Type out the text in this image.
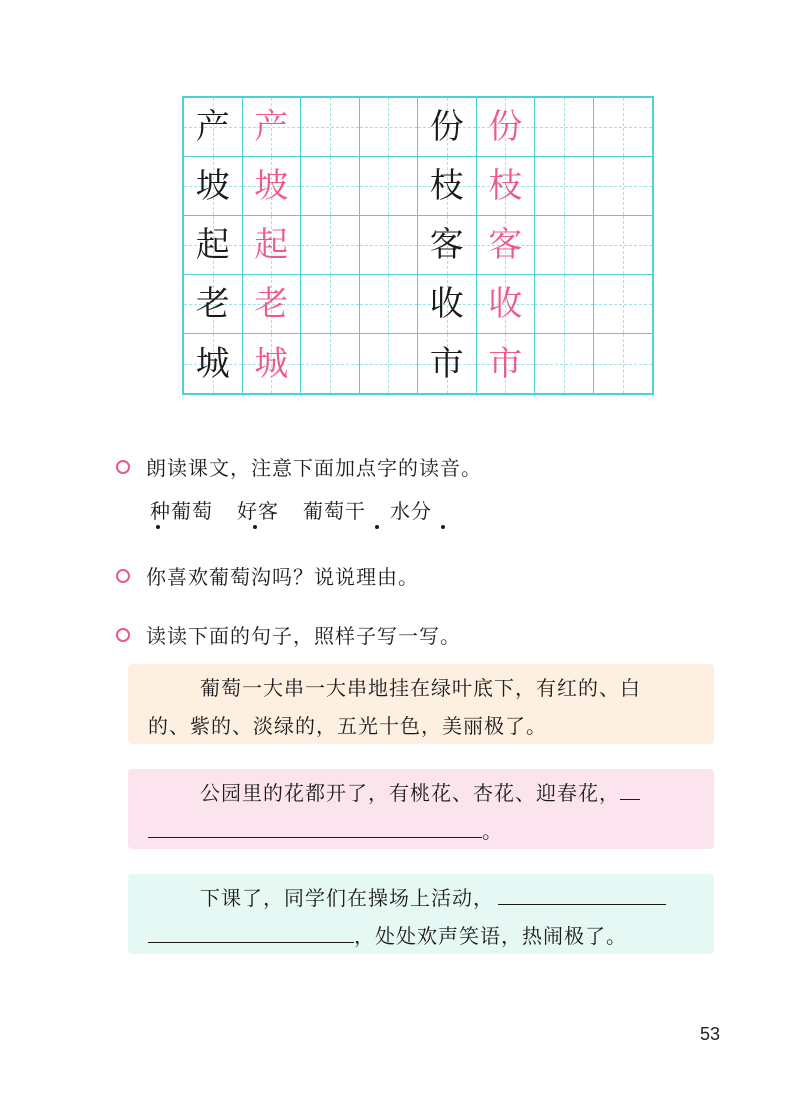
产 产	份 份
坡 坡	枝 枝
起 起	客 客
老 老	收 收
城 城	市 市
朗读课文，注意下面加点字的读音。
种葡萄 好客 葡萄干 水分
你喜欢葡萄沟吗？说说理由。
读读下面的句子，照样子写一写。
葡萄一大串一大串地挂在绿叶底下，有红的、白
的、紫的、淡绿的，五光十色，美丽极了。
公园里的花都开了，有桃花、杏花、迎春花，
。
下课了，同学们在操场上活动，
，处处欢声笑语，热闹极了。
53
